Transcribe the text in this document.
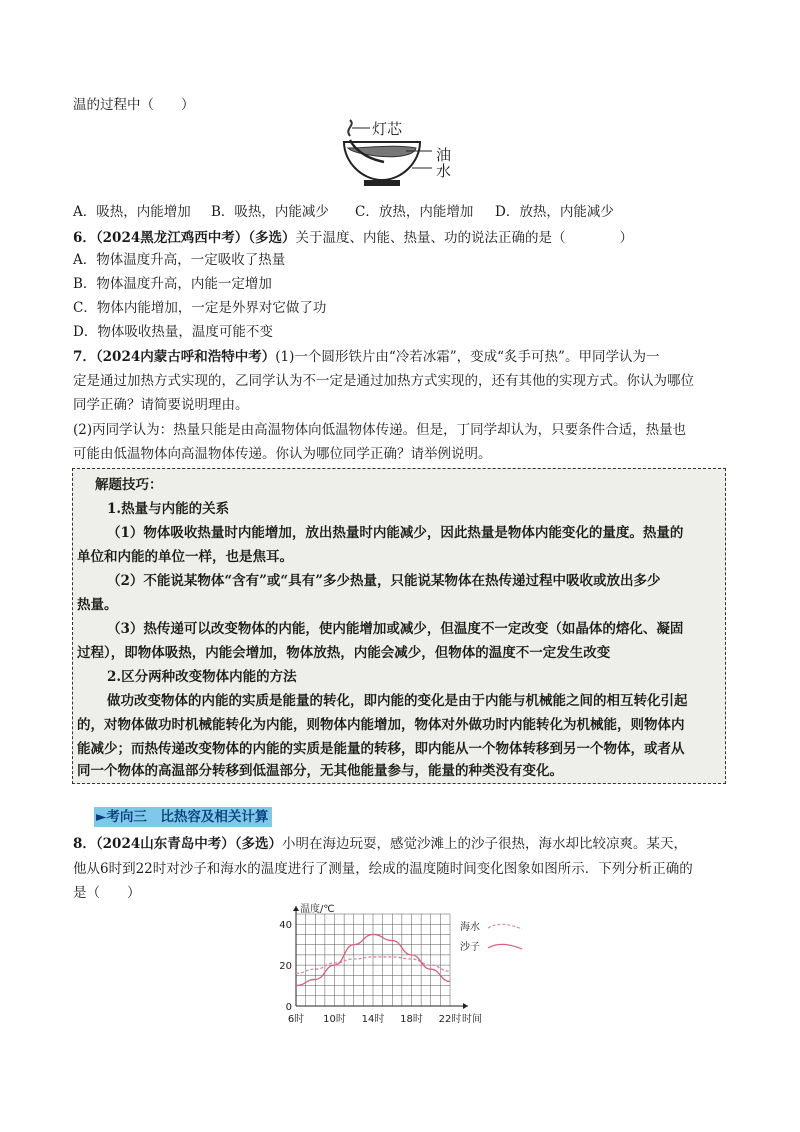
温的过程中（　　）
灯芯
油
水
A．吸热，内能增加 B．吸热，内能减少 C．放热，内能增加 D．放热，内能减少
6．（2024黑龙江鸡西中考）（多选）关于温度、内能、热量、功的说法正确的是（　　　　）
A．物体温度升高，一定吸收了热量
B．物体温度升高，内能一定增加
C．物体内能增加，一定是外界对它做了功
D．物体吸收热量，温度可能不变
7．（2024内蒙古呼和浩特中考）(1)一个圆形铁片由“冷若冰霜”，变成“炙手可热”。甲同学认为一
定是通过加热方式实现的，乙同学认为不一定是通过加热方式实现的，还有其他的实现方式。你认为哪位
同学正确？请简要说明理由。
(2)丙同学认为：热量只能是由高温物体向低温物体传递。但是，丁同学却认为，只要条件合适，热量也
可能由低温物体向高温物体传递。你认为哪位同学正确？请举例说明。
解题技巧：
1.热量与内能的关系
（1）物体吸收热量时内能增加，放出热量时内能减少，因此热量是物体内能变化的量度。热量的
单位和内能的单位一样，也是焦耳。
（2）不能说某物体“含有”或“具有”多少热量，只能说某物体在热传递过程中吸收或放出多少
热量。
（3）热传递可以改变物体的内能，使内能增加或减少，但温度不一定改变（如晶体的熔化、凝固
过程），即物体吸热，内能会增加，物体放热，内能会减少，但物体的温度不一定发生改变
2.区分两种改变物体内能的方法
做功改变物体的内能的实质是能量的转化，即内能的变化是由于内能与机械能之间的相互转化引起
的，对物体做功时机械能转化为内能，则物体内能增加，物体对外做功时内能转化为机械能，则物体内
能减少；而热传递改变物体的内能的实质是能量的转移，即内能从一个物体转移到另一个物体，或者从
同一个物体的高温部分转移到低温部分，无其他能量参与，能量的种类没有变化。
►考向三　比热容及相关计算
8．（2024山东青岛中考）（多选）小明在海边玩耍，感觉沙滩上的沙子很热，海水却比较凉爽。某天，
他从6时到22时对沙子和海水的温度进行了测量，绘成的温度随时间变化图象如图所示．下列分析正确的
是（　　）
温度/℃
时间
0
20
40
6时 10时 14时 18时 22时
海水
沙子
